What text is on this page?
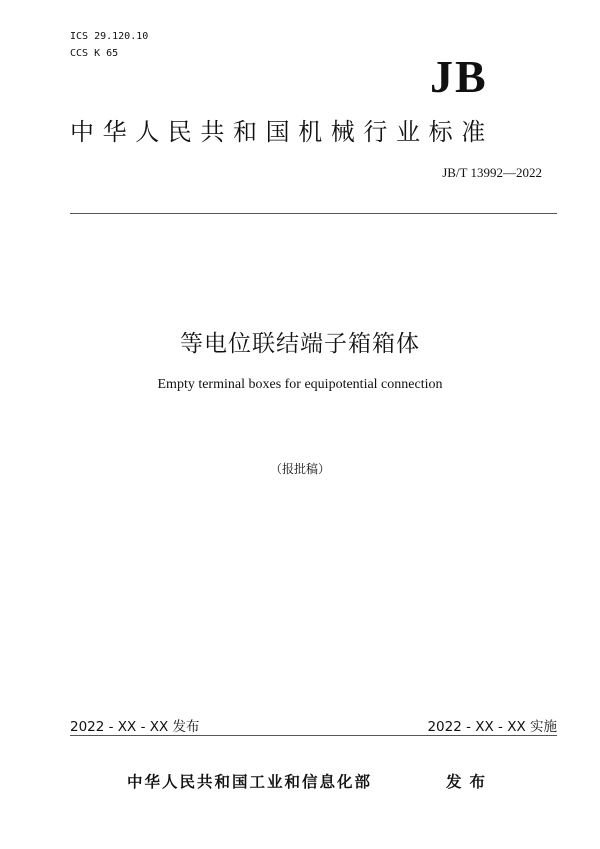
ICS 29.120.10
CCS K 65	JB
中华人民共和国机械行业标准
JB/T 13992—2022
等电位联结端子箱箱体
Empty terminal boxes for equipotential connection
（报批稿）
2022 - XX - XX 发布	2022 - XX - XX 实施
中华人民共和国工业和信息化部	发布
